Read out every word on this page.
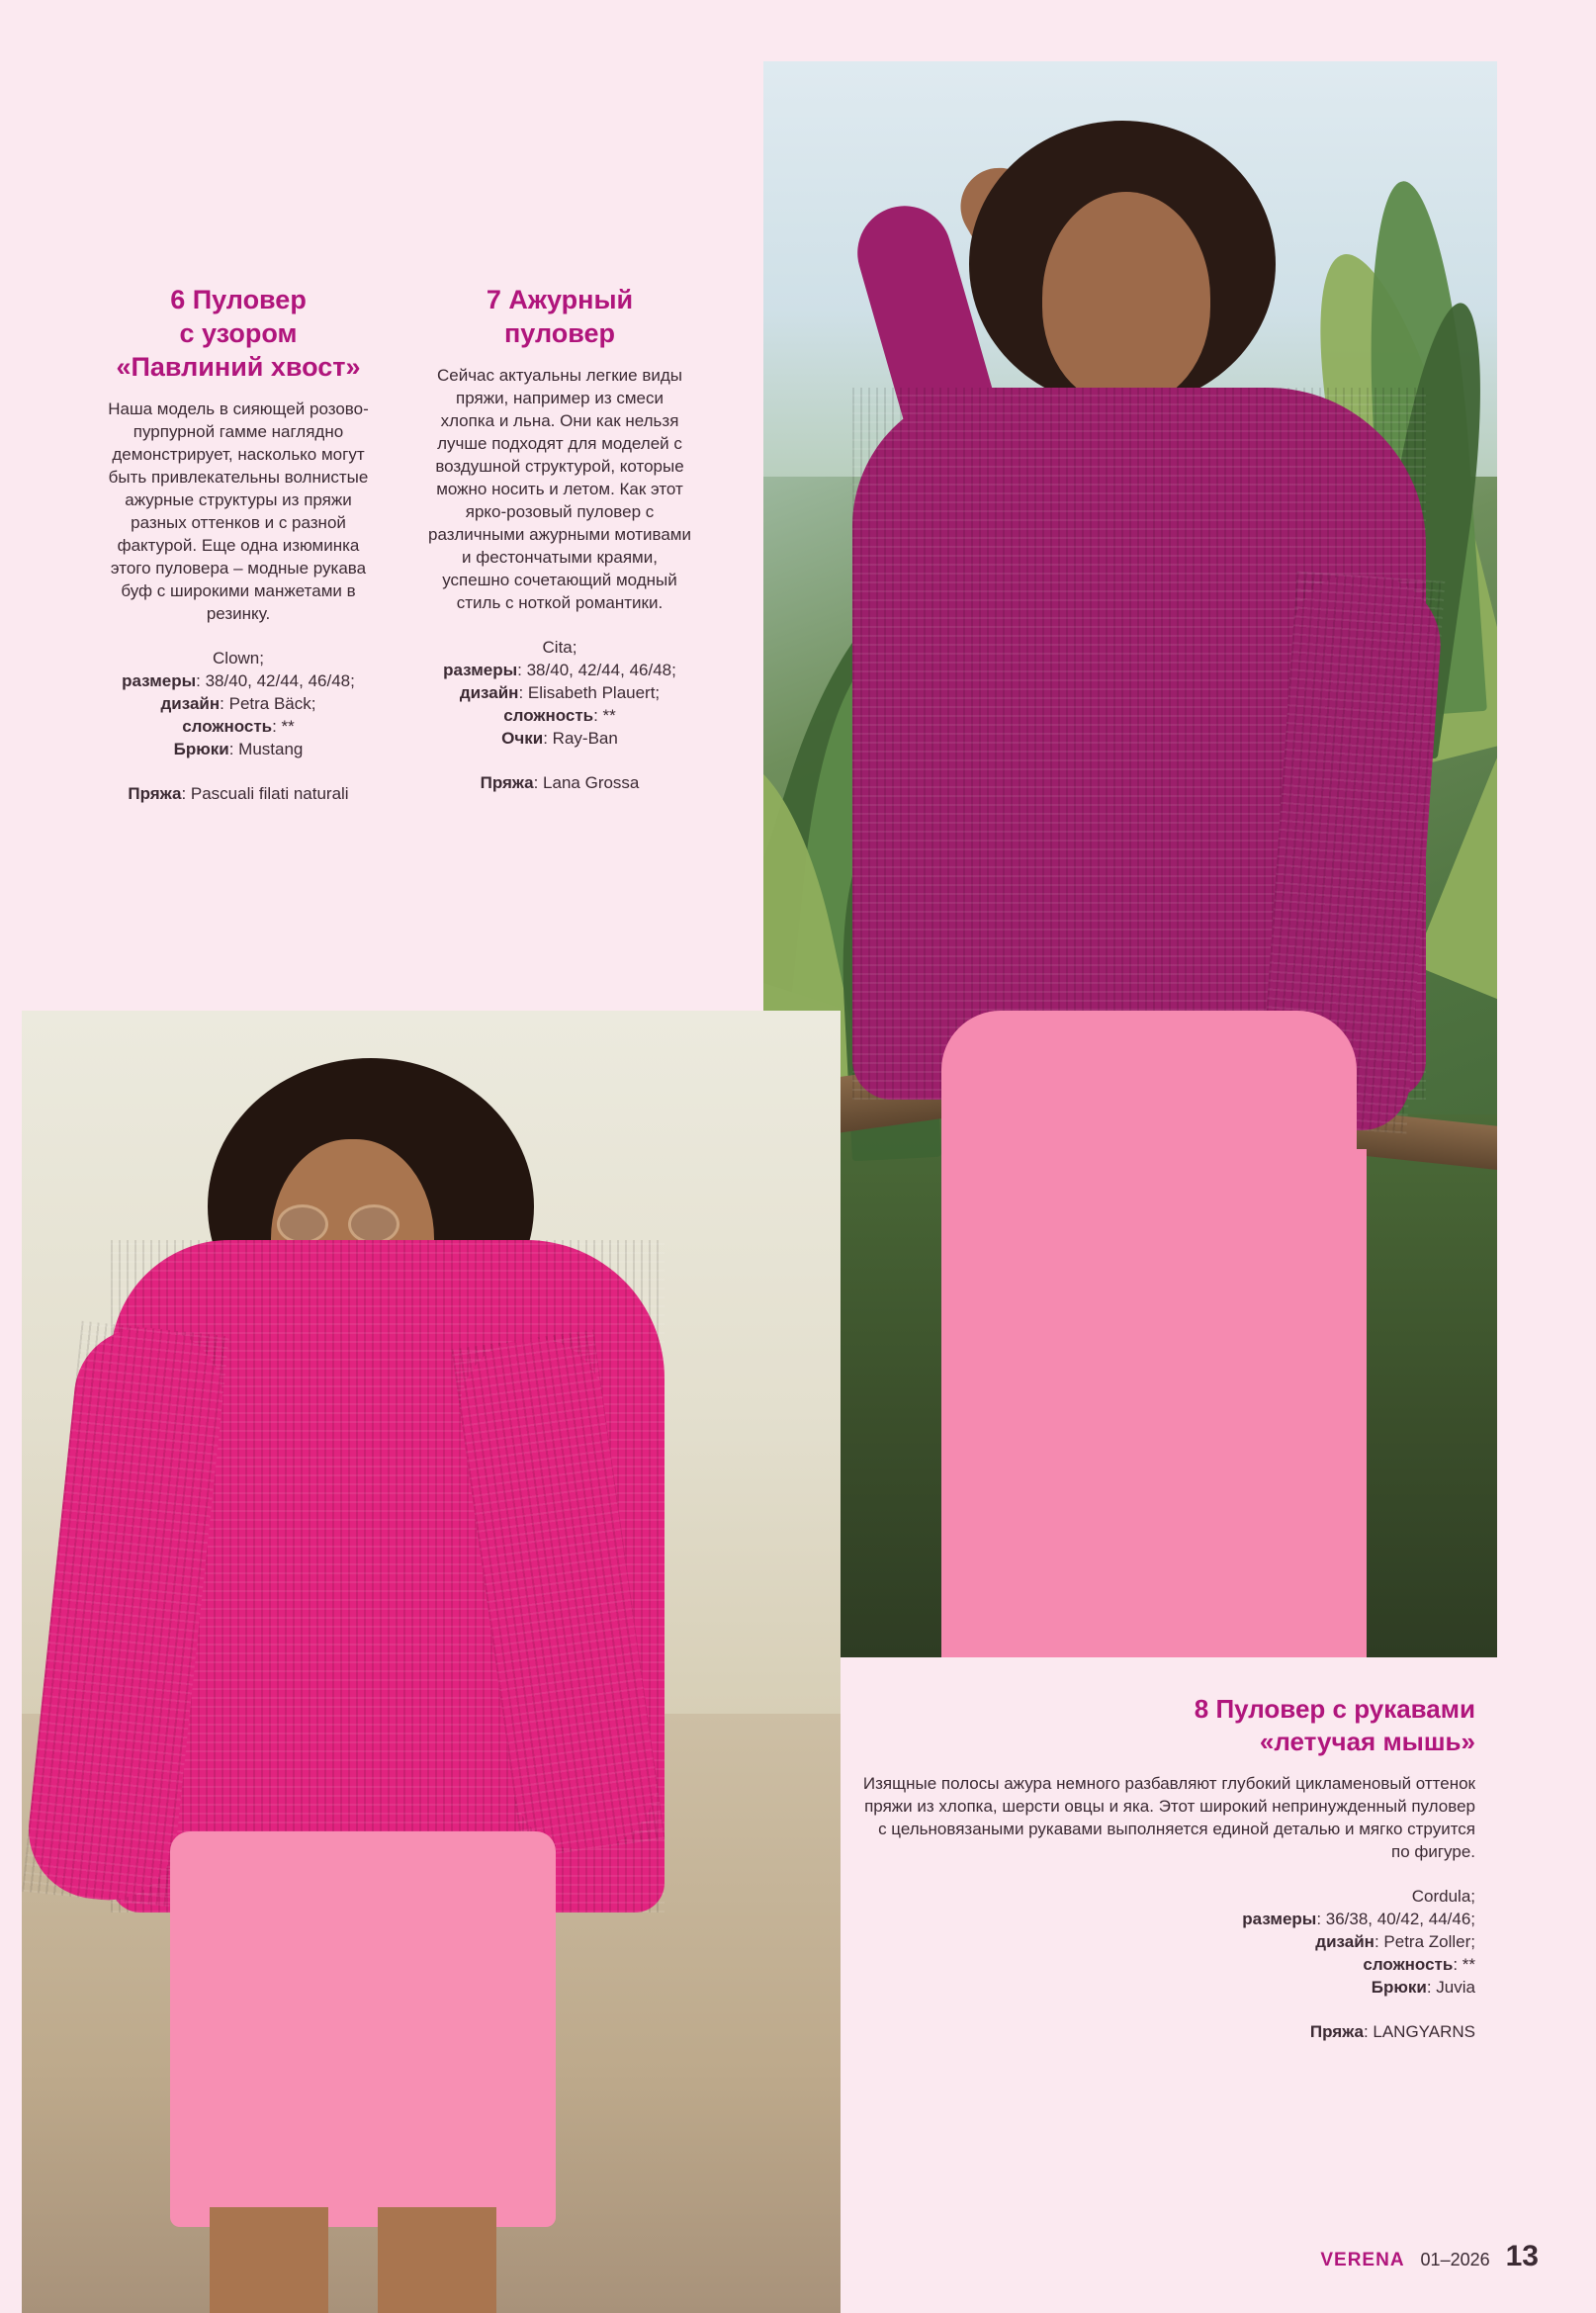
6 Пуловер
с узором
«Павлиний хвост»

Наша модель в сияющей розово-пурпурной гамме наглядно демонстрирует, насколько могут быть привлекательны волнистые ажурные структуры из пряжи разных оттенков и с разной фактурой. Еще одна изюминка этого пуловера – модные рукава буф с широкими манжетами в резинку.

Clown;
размеры: 38/40, 42/44, 46/48;
дизайн: Petra Bäck;
сложность: **
Брюки: Mustang

Пряжа: Pascuali filati naturali

7 Ажурный
пуловер

Сейчас актуальны легкие виды пряжи, например из смеси хлопка и льна. Они как нельзя лучше подходят для моделей с воздушной структурой, которые можно носить и летом. Как этот ярко-розовый пуловер с различными ажурными мотивами и фестончатыми краями, успешно сочетающий модный стиль с ноткой романтики.

Cita;
размеры: 38/40, 42/44, 46/48;
дизайн: Elisabeth Plauert;
сложность: **
Очки: Ray-Ban

Пряжа: Lana Grossa

8 Пуловер с рукавами
«летучая мышь»

Изящные полосы ажура немного разбавляют глубокий цикламеновый оттенок пряжи из хлопка, шерсти овцы и яка. Этот широкий непринужденный пуловер с цельновязаными рукавами выполняется единой деталью и мягко струится по фигуре.

Cordula;
размеры: 36/38, 40/42, 44/46;
дизайн: Petra Zoller;
сложность: **
Брюки: Juvia

Пряжа: LANGYARNS

VERENA 01–2026 13
